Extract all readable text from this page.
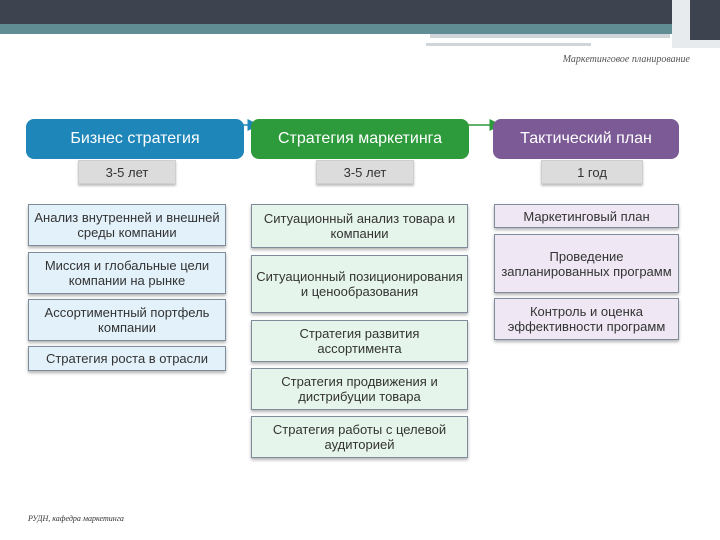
Маркетинговое планирование
Бизнес стратегия
3-5 лет
Анализ внутренней и внешней среды компании
Миссия и глобальные цели компании на рынке
Ассортиментный портфель компании
Стратегия роста в отрасли
Стратегия маркетинга
3-5 лет
Ситуационный анализ товара и компании
Ситуационный позиционирования и ценообразования
Стратегия развития ассортимента
Стратегия продвижения и дистрибуции товара
Стратегия работы с целевой аудиторией
Тактический план
1 год
Маркетинговый план
Проведение запланированных программ
Контроль и оценка эффективности программ
РУДН, кафедра маркетинга
